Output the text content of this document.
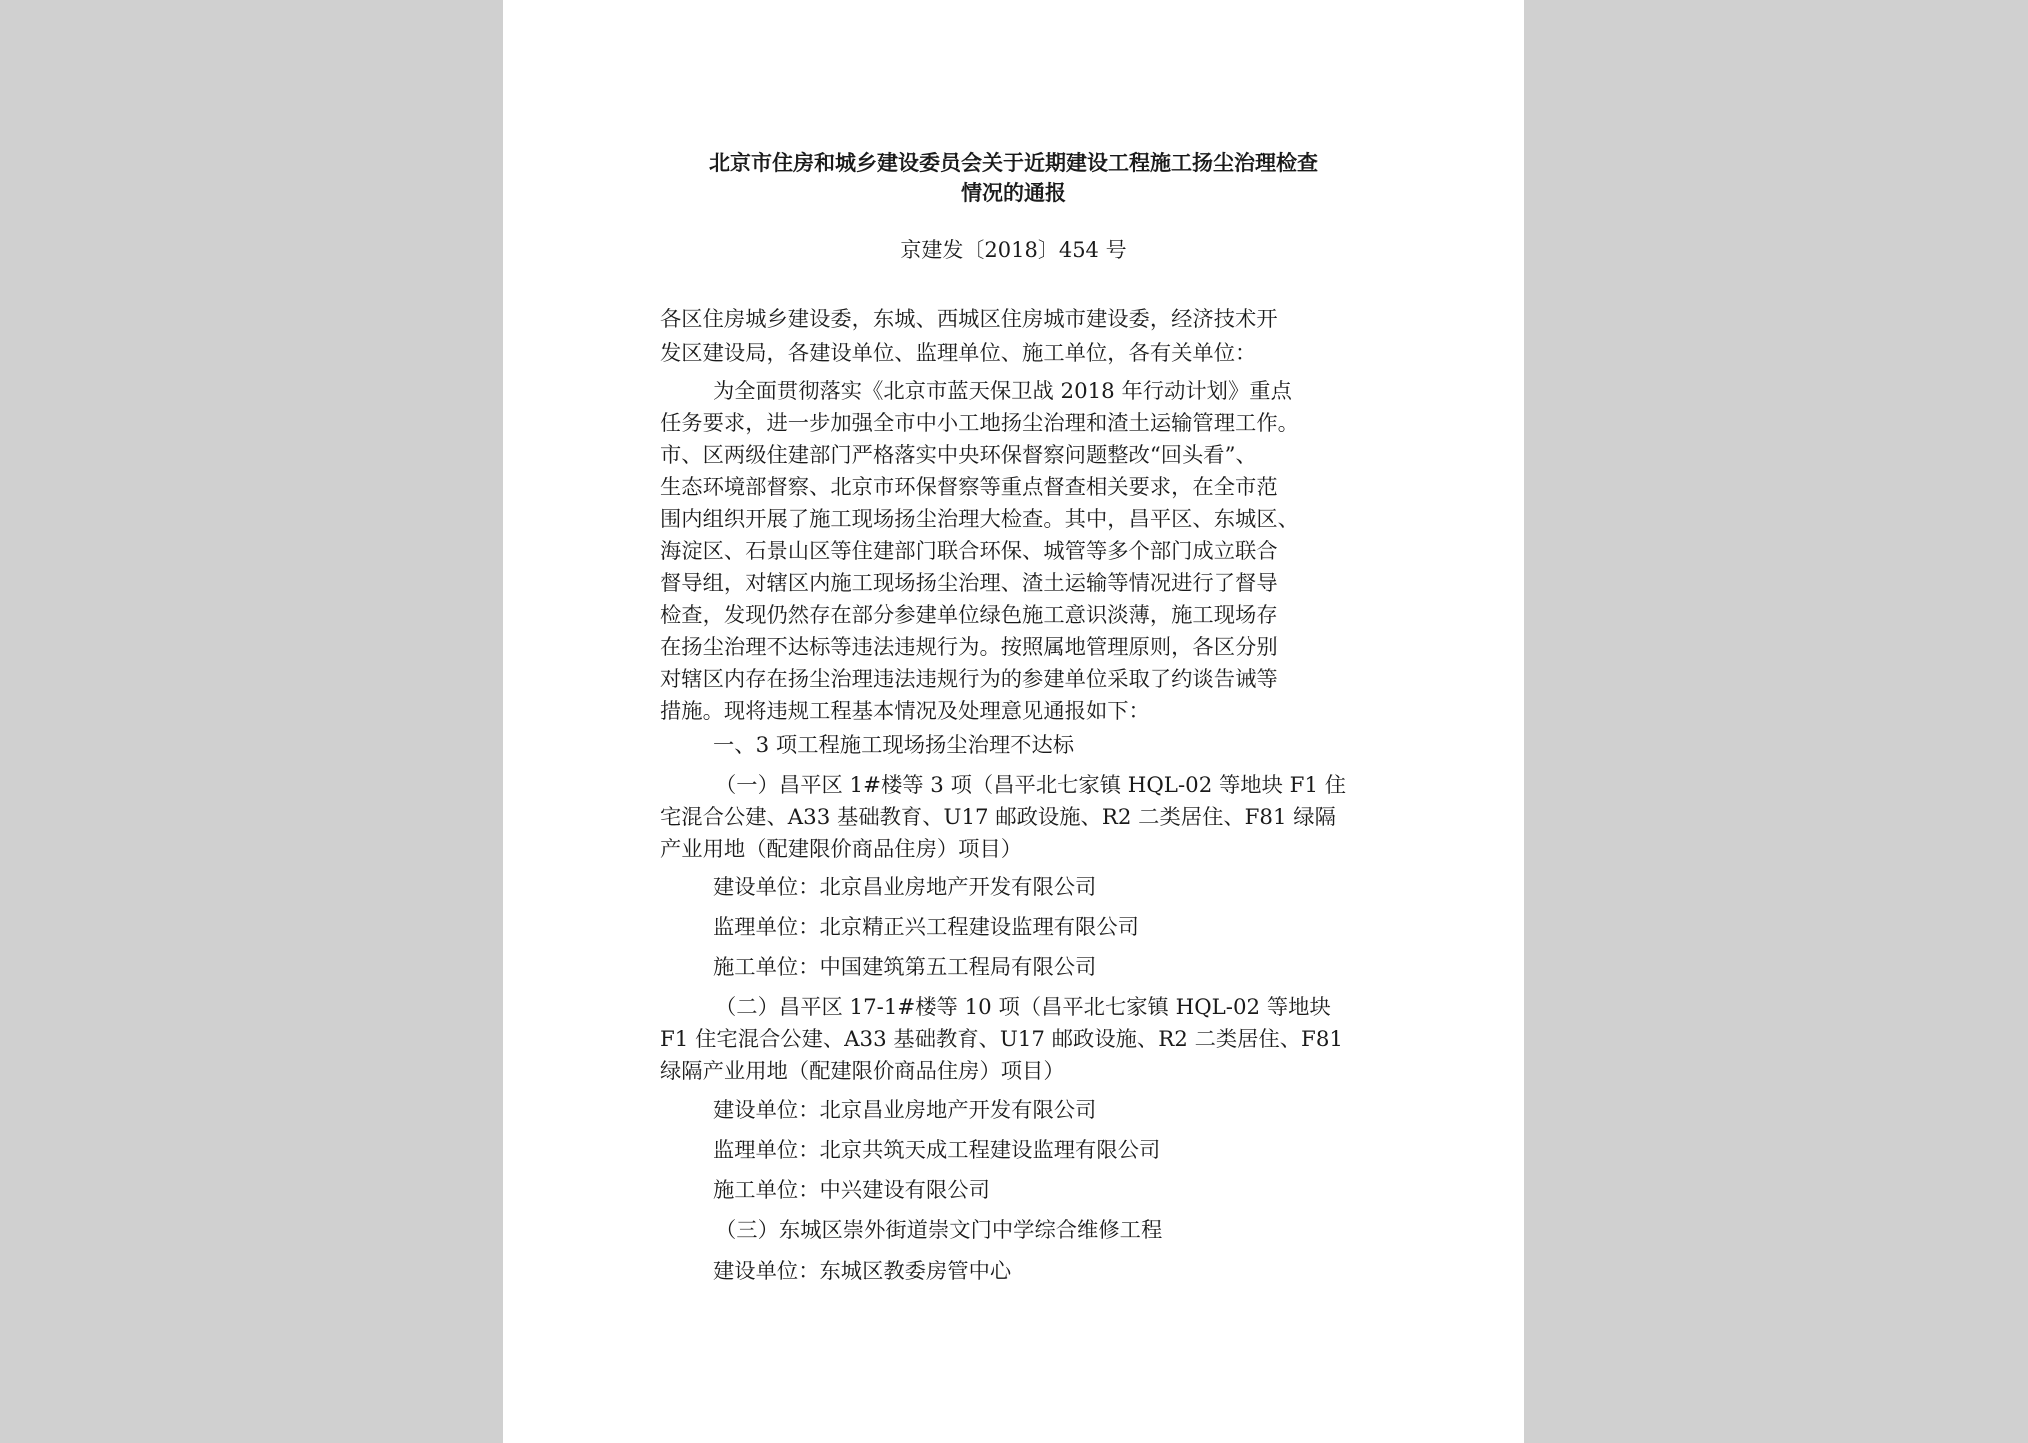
北京市住房和城乡建设委员会关于近期建设工程施工扬尘治理检查
情况的通报
京建发〔2018〕454 号
各区住房城乡建设委，东城、西城区住房城市建设委，经济技术开
发区建设局，各建设单位、监理单位、施工单位，各有关单位：
为全面贯彻落实《北京市蓝天保卫战 2018 年行动计划》重点
任务要求，进一步加强全市中小工地扬尘治理和渣土运输管理工作。
市、区两级住建部门严格落实中央环保督察问题整改“回头看”、
生态环境部督察、北京市环保督察等重点督查相关要求，在全市范
围内组织开展了施工现场扬尘治理大检查。其中，昌平区、东城区、
海淀区、石景山区等住建部门联合环保、城管等多个部门成立联合
督导组，对辖区内施工现场扬尘治理、渣土运输等情况进行了督导
检查，发现仍然存在部分参建单位绿色施工意识淡薄，施工现场存
在扬尘治理不达标等违法违规行为。按照属地管理原则，各区分别
对辖区内存在扬尘治理违法违规行为的参建单位采取了约谈告诫等
措施。现将违规工程基本情况及处理意见通报如下：
一、3 项工程施工现场扬尘治理不达标
（一）昌平区 1#楼等 3 项（昌平北七家镇 HQL-02 等地块 F1 住
宅混合公建、A33 基础教育、U17 邮政设施、R2 二类居住、F81 绿隔
产业用地（配建限价商品住房）项目）
建设单位：北京昌业房地产开发有限公司
监理单位：北京精正兴工程建设监理有限公司
施工单位：中国建筑第五工程局有限公司
（二）昌平区 17-1#楼等 10 项（昌平北七家镇 HQL-02 等地块
F1 住宅混合公建、A33 基础教育、U17 邮政设施、R2 二类居住、F81
绿隔产业用地（配建限价商品住房）项目）
建设单位：北京昌业房地产开发有限公司
监理单位：北京共筑天成工程建设监理有限公司
施工单位：中兴建设有限公司
（三）东城区崇外街道崇文门中学综合维修工程
建设单位：东城区教委房管中心
